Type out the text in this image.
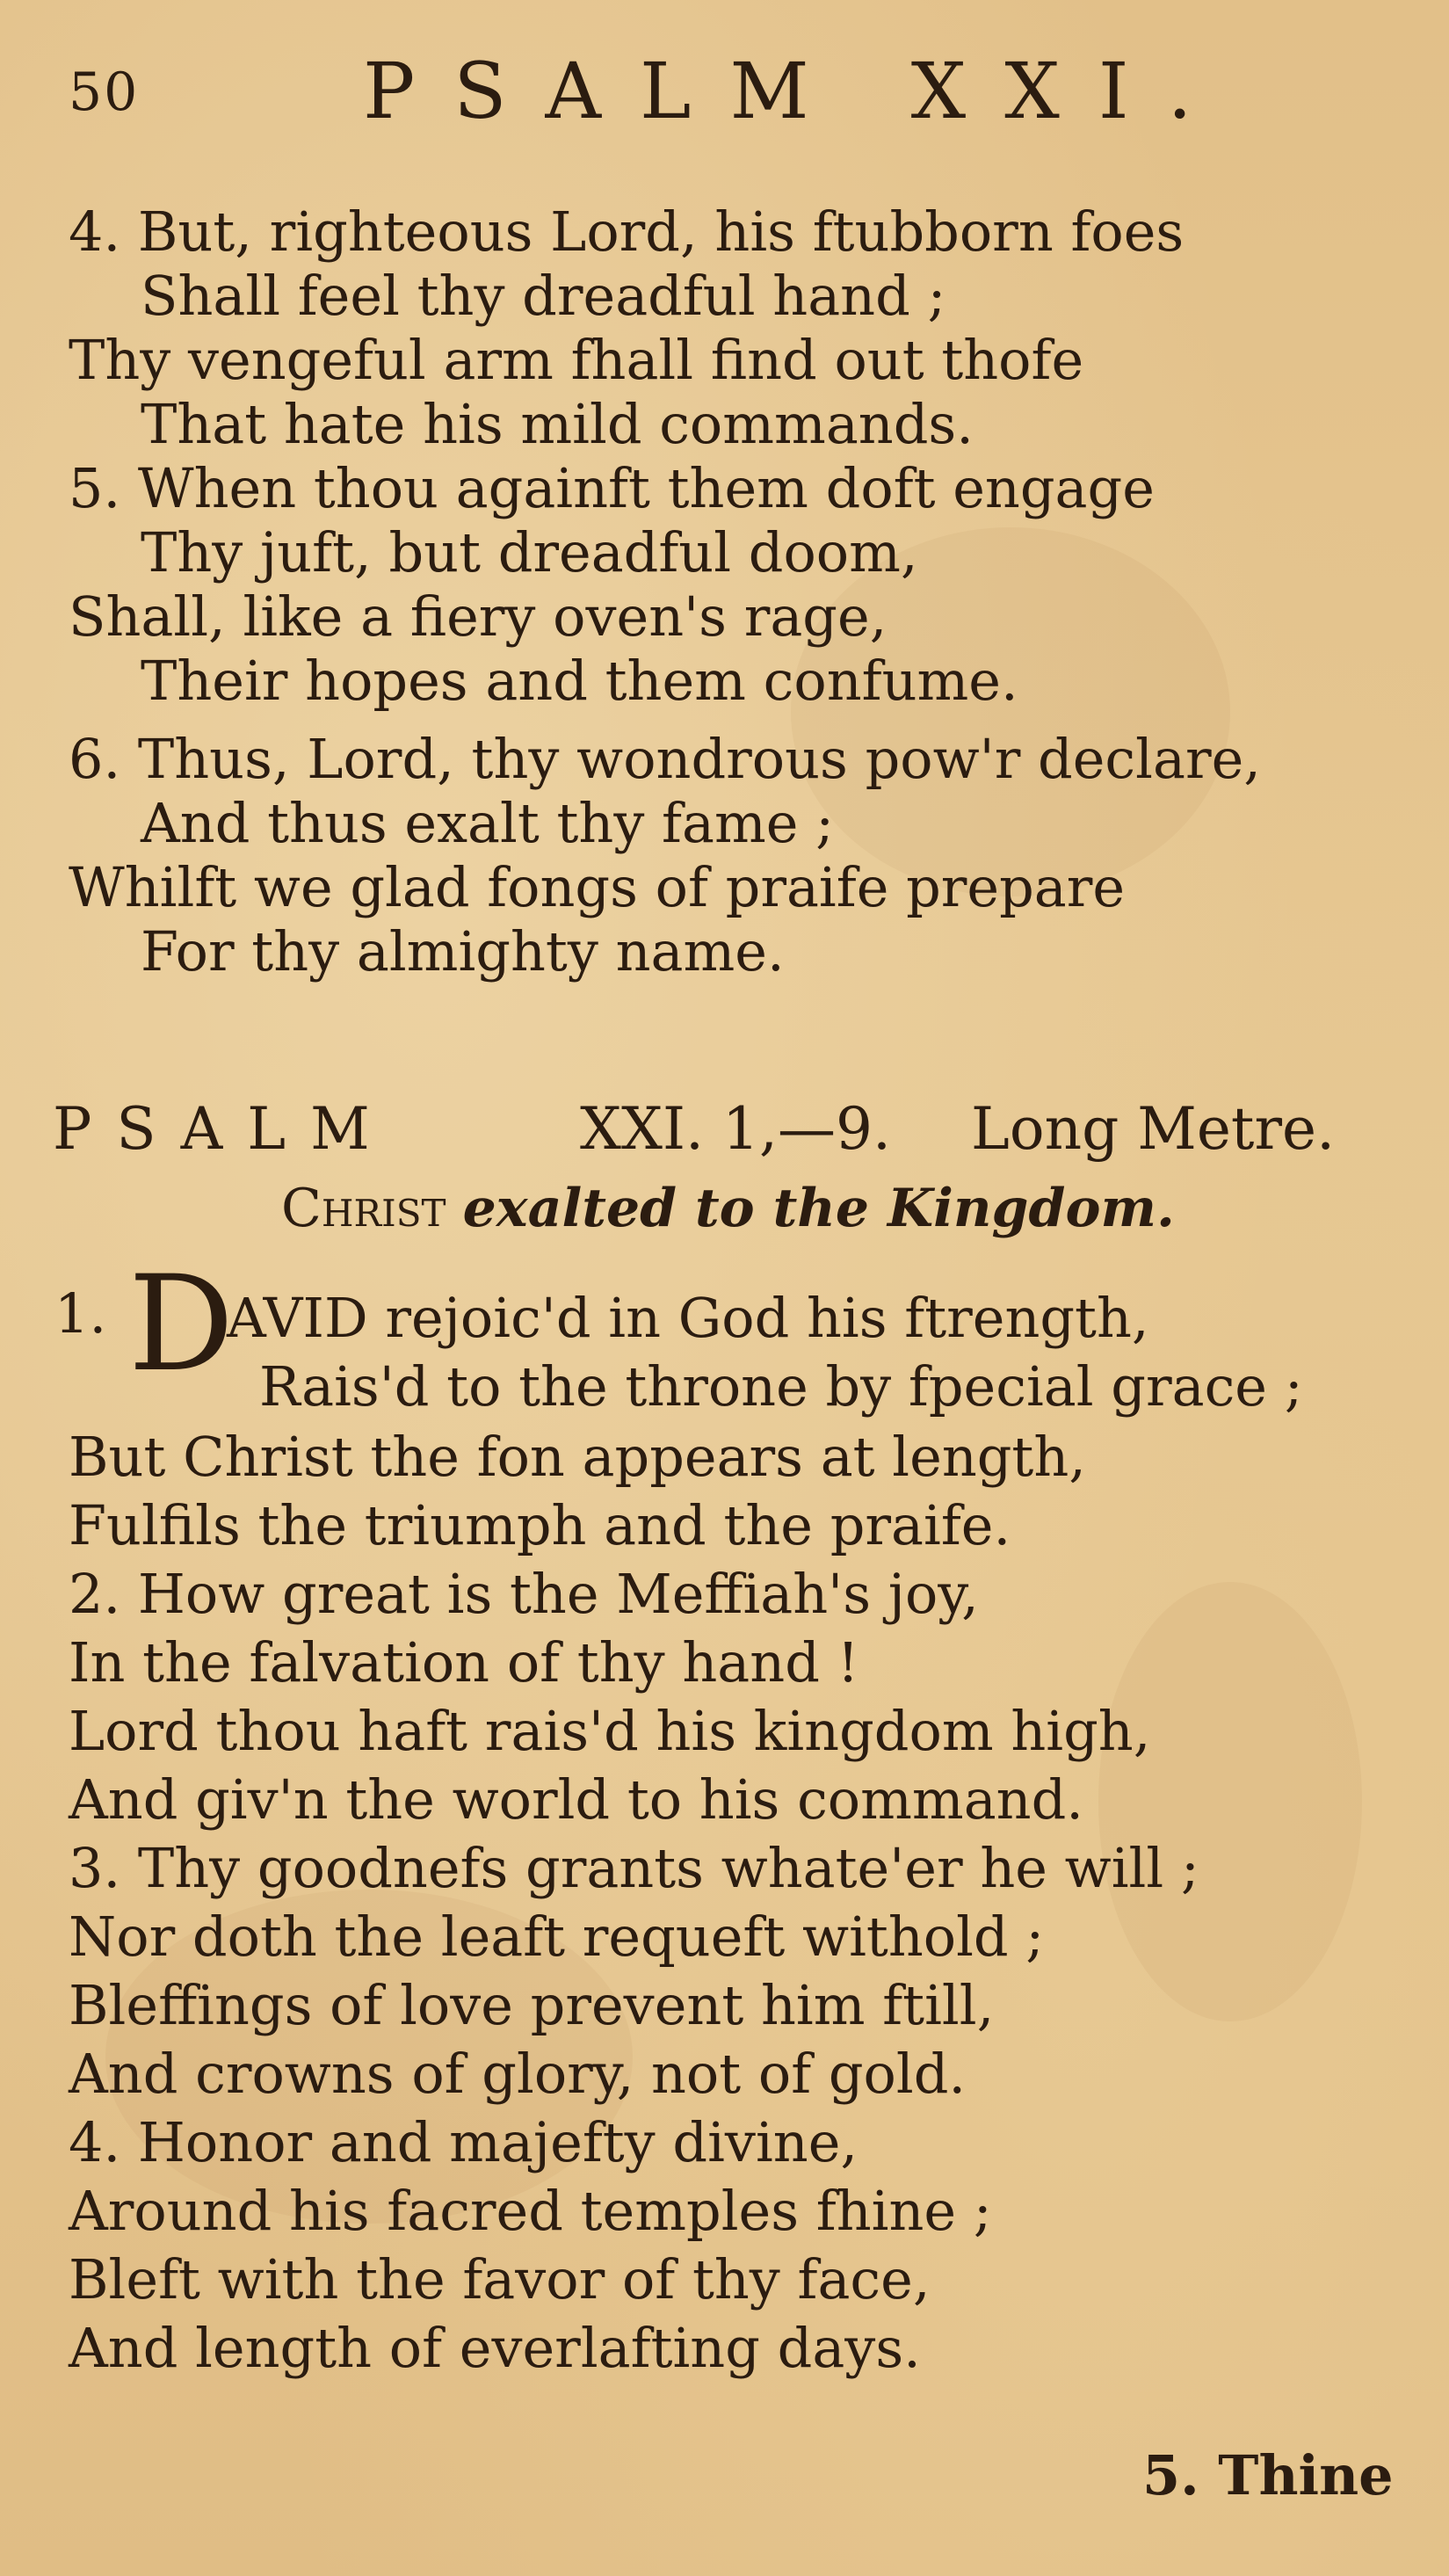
50	PSALM XXI.
4. But, righteous Lord, his ftubborn foes
Shall feel thy dreadful hand ;
Thy vengeful arm fhall find out thofe
That hate his mild commands.
5. When thou againft them doft engage
Thy juft, but dreadful doom,
Shall, like a fiery oven's rage,
Their hopes and them confume.
6. Thus, Lord, thy wondrous pow'r declare,
And thus exalt thy fame ;
Whilft we glad fongs of praife prepare
For thy almighty name.
PSALM	XXI. 1,—9. Long Metre.
Christ exalted to the Kingdom.
1. D
AVID rejoic'd in God his ftrength,
Rais'd to the throne by fpecial grace ;
But Christ the fon appears at length,
Fulfils the triumph and the praife.
2. How great is the Meffiah's joy,
In the falvation of thy hand !
Lord thou haft rais'd his kingdom high,
And giv'n the world to his command.
3. Thy goodnefs grants whate'er he will ;
Nor doth the leaft requeft withold ;
Bleffings of love prevent him ftill,
And crowns of glory, not of gold.
4. Honor and majefty divine,
Around his facred temples fhine ;
Bleft with the favor of thy face,
And length of everlafting days.
5. Thine
